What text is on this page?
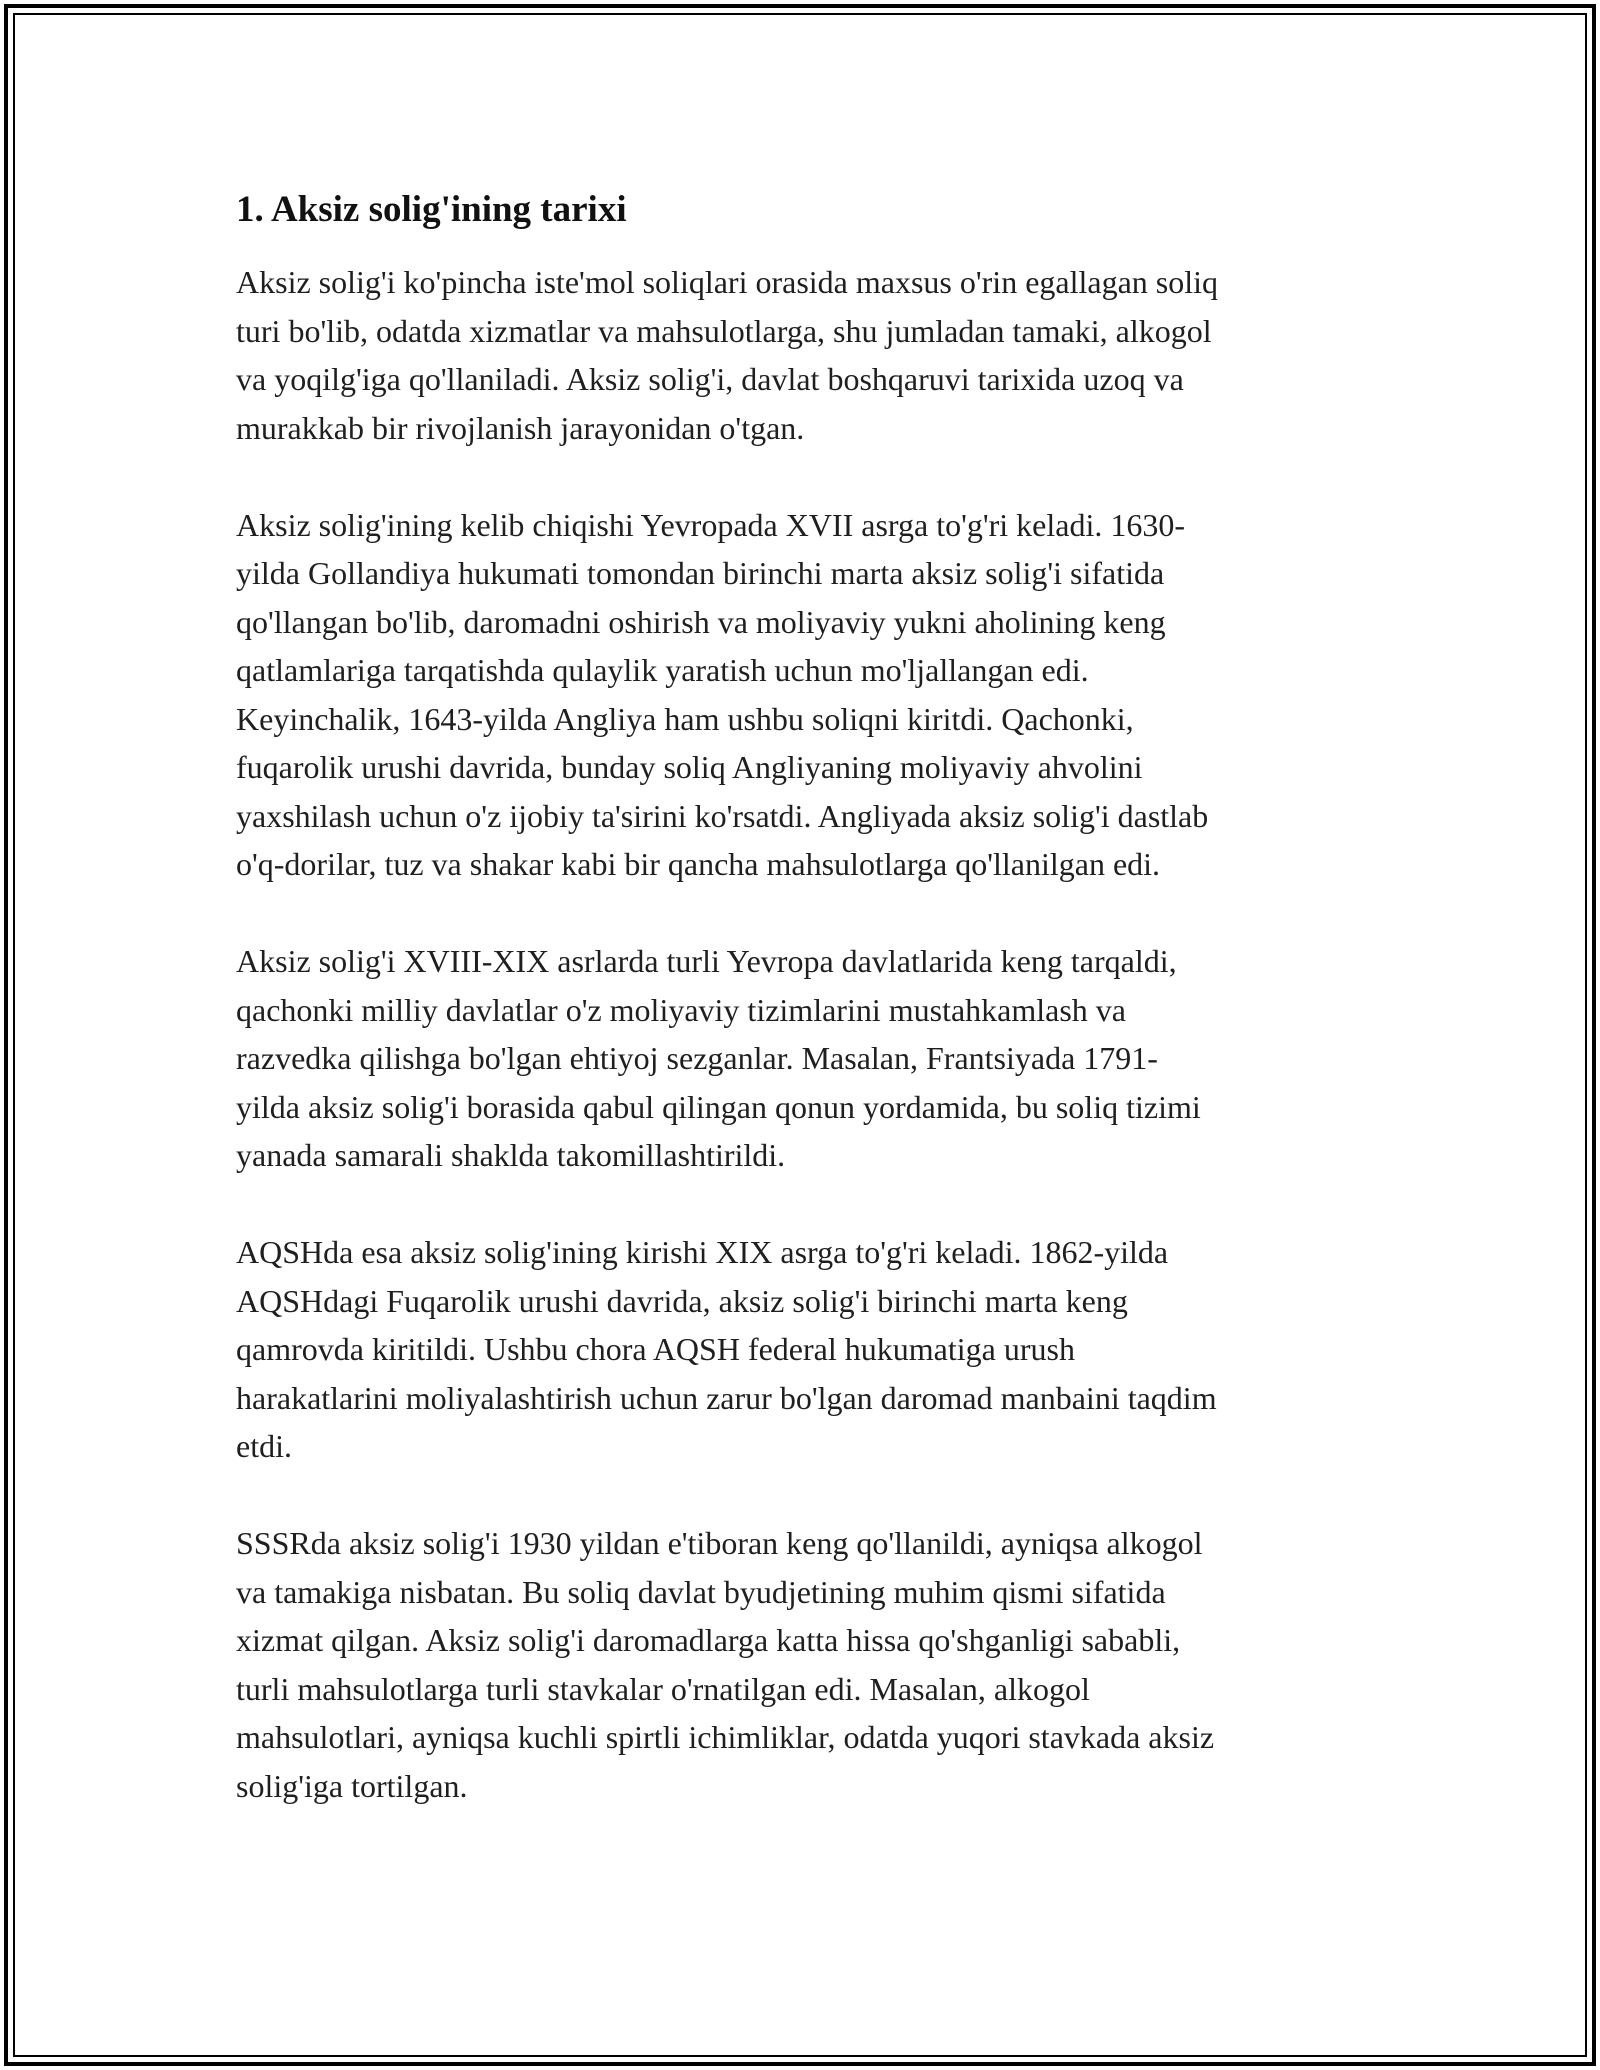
1. Aksiz solig'ining tarixi
Aksiz solig'i ko'pincha iste'mol soliqlari orasida maxsus o'rin egallagan soliq
turi bo'lib, odatda xizmatlar va mahsulotlarga, shu jumladan tamaki, alkogol
va yoqilg'iga qo'llaniladi. Aksiz solig'i, davlat boshqaruvi tarixida uzoq va
murakkab bir rivojlanish jarayonidan o'tgan.
Aksiz solig'ining kelib chiqishi Yevropada XVII asrga to'g'ri keladi. 1630-
yilda Gollandiya hukumati tomondan birinchi marta aksiz solig'i sifatida
qo'llangan bo'lib, daromadni oshirish va moliyaviy yukni aholining keng
qatlamlariga tarqatishda qulaylik yaratish uchun mo'ljallangan edi.
Keyinchalik, 1643-yilda Angliya ham ushbu soliqni kiritdi. Qachonki,
fuqarolik urushi davrida, bunday soliq Angliyaning moliyaviy ahvolini
yaxshilash uchun o'z ijobiy ta'sirini ko'rsatdi. Angliyada aksiz solig'i dastlab
o'q-dorilar, tuz va shakar kabi bir qancha mahsulotlarga qo'llanilgan edi.
Aksiz solig'i XVIII-XIX asrlarda turli Yevropa davlatlarida keng tarqaldi,
qachonki milliy davlatlar o'z moliyaviy tizimlarini mustahkamlash va
razvedka qilishga bo'lgan ehtiyoj sezganlar. Masalan, Frantsiyada 1791-
yilda aksiz solig'i borasida qabul qilingan qonun yordamida, bu soliq tizimi
yanada samarali shaklda takomillashtirildi.
AQSHda esa aksiz solig'ining kirishi XIX asrga to'g'ri keladi. 1862-yilda
AQSHdagi Fuqarolik urushi davrida, aksiz solig'i birinchi marta keng
qamrovda kiritildi. Ushbu chora AQSH federal hukumatiga urush
harakatlarini moliyalashtirish uchun zarur bo'lgan daromad manbaini taqdim
etdi.
SSSRda aksiz solig'i 1930 yildan e'tiboran keng qo'llanildi, ayniqsa alkogol
va tamakiga nisbatan. Bu soliq davlat byudjetining muhim qismi sifatida
xizmat qilgan. Aksiz solig'i daromadlarga katta hissa qo'shganligi sababli,
turli mahsulotlarga turli stavkalar o'rnatilgan edi. Masalan, alkogol
mahsulotlari, ayniqsa kuchli spirtli ichimliklar, odatda yuqori stavkada aksiz
solig'iga tortilgan.
